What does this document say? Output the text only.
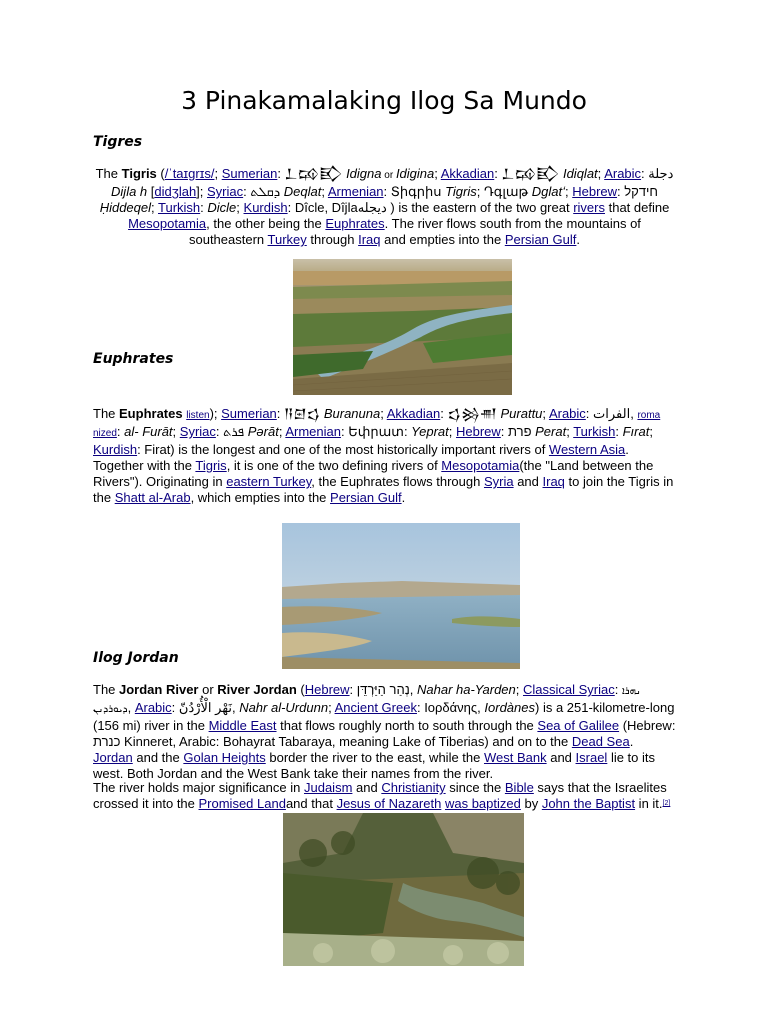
3 Pinakamalaking Ilog Sa Mundo
Tigres
The Tigris (/ˈtaɪɡrɪs/; Sumerian: 𒁇𒄘𒃼 Idigna or Idigina; Akkadian: 𒁇𒄘𒃼 Idiqlat; Arabic: دجلة Dijla h [didʒlah]; Syriac: ܕܩܠܬ Deqlat; Armenian: Տիգրիս Tigris; Դգլաթ Dglatʻ; Hebrew: חידקל Ḥiddeqel; Turkish: Dicle; Kurdish: Dîcle, Dîjlaدیجلە ) is the eastern of the two great rivers that define Mesopotamia, the other being the Euphrates. The river flows south from the mountains of southeastern Turkey through Iraq and empties into the Persian Gulf.
Euphrates
The Euphrates listen); Sumerian: 𒀀𒇉𒌓 Buranuna; Akkadian: 𒌓𒄒𒉣 Purattu; Arabic: الفرات, roma nized: al- Furāt; Syriac: ܦܪܬ Pərāt; Armenian: Եփրատ: Yeprat; Hebrew: פרת Perat; Turkish: Fırat; Kurdish: Firat) is the longest and one of the most historically important rivers of Western Asia. Together with the Tigris, it is one of the two defining rivers of Mesopotamia(the "Land between the Rivers"). Originating in eastern Turkey, the Euphrates flows through Syria and Iraq to join the Tigris in the Shatt al-Arab, which empties into the Persian Gulf.
Ilog Jordan
The Jordan River or River Jordan (Hebrew: נְהַר הַיַּרְדֵּן, Nahar ha-Yarden; Classical Syriac: ܢܗܪܐ ܕܝܘܪܕܢܢ, Arabic: نَهْر الْأُرْدُنّ, Nahr al-Urdunn; Ancient Greek: Ιορδάνης, Iordànes) is a 251-kilometre-long (156 mi) river in the Middle East that flows roughly north to south through the Sea of Galilee (Hebrew: כנרת Kinneret, Arabic: Bohayrat Tabaraya, meaning Lake of Tiberias) and on to the Dead Sea. Jordan and the Golan Heights border the river to the east, while the West Bank and Israel lie to its west. Both Jordan and the West Bank take their names from the river.
The river holds major significance in Judaism and Christianity since the Bible says that the Israelites crossed it into the Promised Landand that Jesus of Nazareth was baptized by John the Baptist in it.[2]
